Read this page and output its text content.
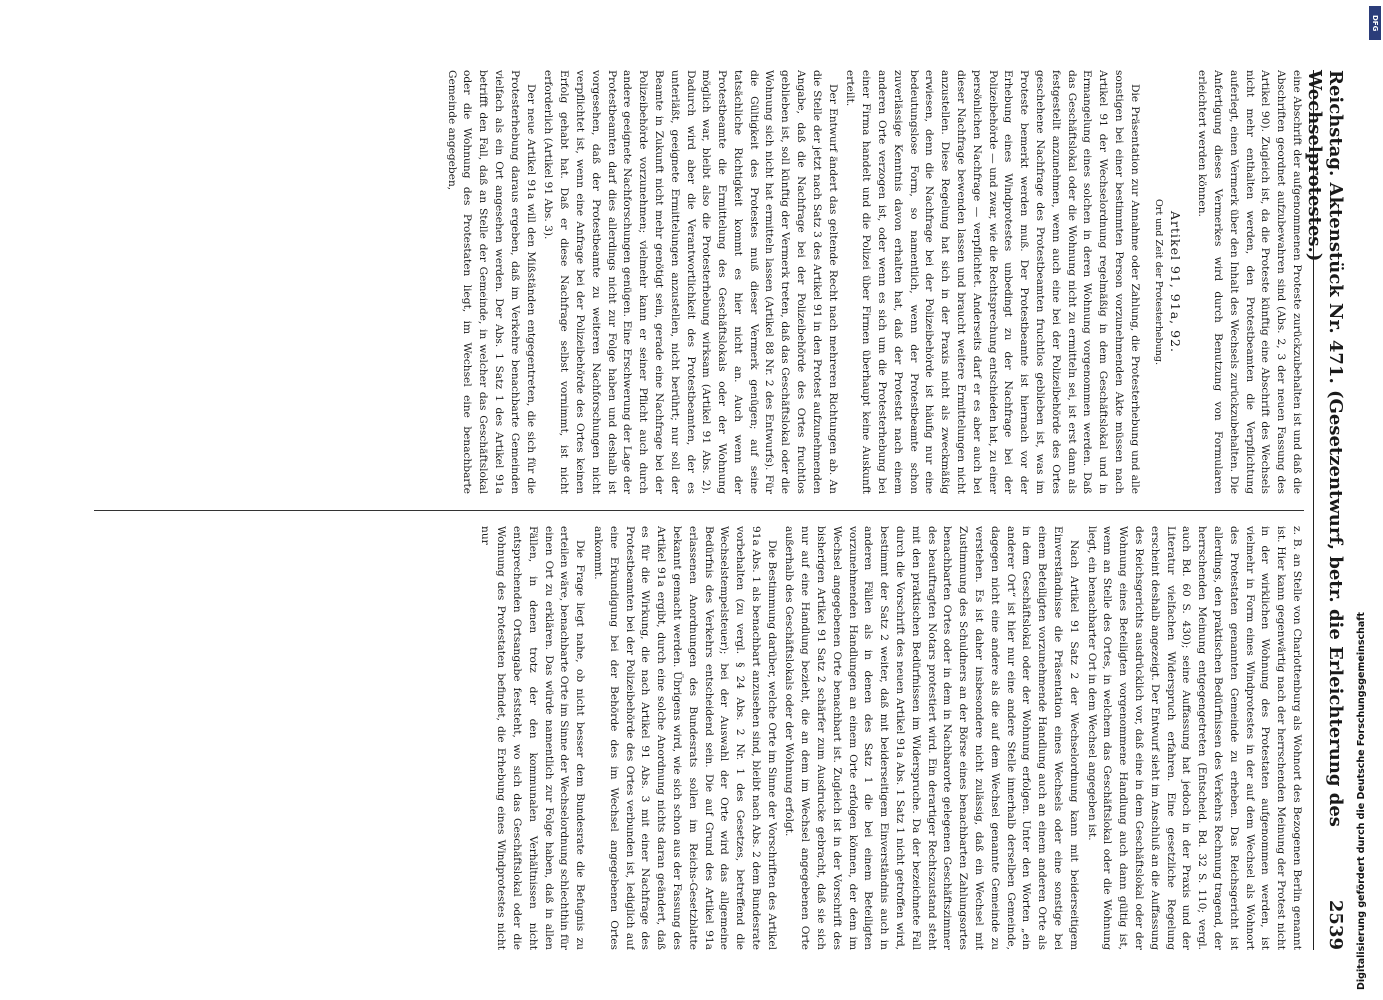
Reichstag. Aktenstück Nr. 471. (Gesetzentwurf, betr. die Erleichterung des Wechselprotestes.)
2539

eine Abschrift der aufgenommenen Proteste zurückzubehalten ist und daß die Abschriften geordnet aufzubewahren sind (Abs. 2, 3 der neuen Fassung des Artikel 90). Zugleich ist, da die Proteste künftig eine Abschrift des Wechsels nicht mehr enthalten werden, den Protestbeamten die Verpflichtung auferlegt, einen Vermerk über den Inhalt des Wechsels zurückzubehalten. Die Anfertigung dieses Vermerkes wird durch Benutzung von Formularen erleichtert werden können.

Artikel 91, 91a, 92.

Ort und Zeit der Protesterhebung.

Die Präsentation zur Annahme oder Zahlung, die Protesterhebung und alle sonstigen bei einer bestimmten Person vorzunehmenden Akte müssen nach Artikel 91 der Wechselordnung regelmäßig in dem Geschäftslokal und in Ermangelung eines solchen in deren Wohnung vorgenommen werden. Daß das Geschäftslokal oder die Wohnung nicht zu ermitteln sei, ist erst dann als festgestellt anzunehmen, wenn auch eine bei der Polizeibehörde des Ortes geschehene Nachfrage des Protestbeamten fruchtlos geblieben ist, was im Proteste bemerkt werden muß. Der Protestbeamte ist hiernach vor der Erhebung eines Windprotestes unbedingt zu der Nachfrage bei der Polizeibehörde — und zwar, wie die Rechtsprechung entschieden hat, zu einer persönlichen Nachfrage — verpflichtet. Anderseits darf er es aber auch bei dieser Nachfrage bewenden lassen und braucht weitere Ermittelungen nicht anzustellen. Diese Regelung hat sich in der Praxis nicht als zweckmäßig erwiesen, denn die Nachfrage bei der Polizeibehörde ist häufig nur eine bedeutungslose Form, so namentlich, wenn der Protestbeamte schon zuverlässige Kenntnis davon erhalten hat, daß der Protestat nach einem anderen Orte verzogen ist, oder wenn es sich um die Protesterhebung bei einer Firma handelt und die Polizei über Firmen überhaupt keine Auskunft erteilt.

Der Entwurf ändert das geltende Recht nach mehreren Richtungen ab. An die Stelle der jetzt nach Satz 3 des Artikel 91 in den Protest aufzunehmenden Angabe, daß die Nachfrage bei der Polizeibehörde des Ortes fruchtlos geblieben ist, soll künftig der Vermerk treten, daß das Geschäftslokal oder die Wohnung sich nicht hat ermitteln lassen (Artikel 88 Nr. 2 des Entwurfs). Für die Gültigkeit des Protestes muß dieser Vermerk genügen; auf seine tatsächliche Richtigkeit kommt es hier nicht an. Auch wenn der Protestbeamte die Ermittelung des Geschäftslokals oder der Wohnung möglich war, bleibt also die Protesterhebung wirksam (Artikel 91 Abs. 2). Dadurch wird aber die Verantwortlichkeit des Protestbeamten, der es unterläßt, geeignete Ermittelungen anzustellen, nicht berührt; nur soll der Beamte in Zukunft nicht mehr genötigt sein, gerade eine Nachfrage bei der Polizeibehörde vorzunehmen; vielmehr kann er seiner Pflicht auch durch andere geeignete Nachforschungen genügen. Eine Erschwerung der Lage der Protestbeamten darf dies allerdings nicht zur Folge haben und deshalb ist vorgesehen, daß der Protestbeamte zu weiteren Nachforschungen nicht verpflichtet ist, wenn eine Anfrage bei der Polizeibehörde des Ortes keinen Erfolg gehabt hat. Daß er diese Nachfrage selbst vornimmt, ist nicht erforderlich (Artikel 91 Abs. 3).

Der neue Artikel 91a will den Mißständen entgegentreten, die sich für die Protesterhebung daraus ergeben, daß im Verkehre benachbarte Gemeinden vielfach als ein Ort angesehen werden. Der Abs. 1 Satz 1 des Artikel 91a betrifft den Fall, daß an Stelle der Gemeinde, in welcher das Geschäftslokal oder die Wohnung des Protestaten liegt, im Wechsel eine benachbarte Gemeinde angegeben,

z. B. an Stelle von Charlottenburg als Wohnort des Bezogenen Berlin genannt ist. Hier kann gegenwärtig nach der herrschenden Meinung der Protest nicht in der wirklichen Wohnung des Protestaten aufgenommen werden, ist vielmehr in Form eines Windprotestes in der auf dem Wechsel als Wohnort des Protestaten genannten Gemeinde zu erheben. Das Reichsgericht ist allerdings, den praktischen Bedürfnissen des Verkehrs Rechnung tragend, der herrschenden Meinung entgegengetreten (Entscheid. Bd. 32 S. 110; vergl. auch Bd. 60 S. 430); seine Auffassung hat jedoch in der Praxis und der Literatur vielfachen Widerspruch erfahren. Eine gesetzliche Regelung erscheint deshalb angezeigt. Der Entwurf sieht im Anschluß an die Auffassung des Reichsgerichts ausdrücklich vor, daß eine in dem Geschäftslokal oder der Wohnung eines Beteiligten vorgenommene Handlung auch dann gültig ist, wenn an Stelle des Ortes, in welchem das Geschäftslokal oder die Wohnung liegt, ein benachbarter Ort in dem Wechsel angegeben ist.

Nach Artikel 91 Satz 2 der Wechselordnung kann mit beiderseitigem Einverständnisse die Präsentation eines Wechsels oder eine sonstige bei einem Beteiligten vorzunehmende Handlung auch an einem anderen Orte als in dem Geschäftslokal oder der Wohnung erfolgen. Unter den Worten „ein anderer Ort“ ist hier nur eine andere Stelle innerhalb derselben Gemeinde, dagegen nicht eine andere als die auf dem Wechsel genannte Gemeinde zu verstehen. Es ist daher insbesondere nicht zulässig, daß ein Wechsel mit Zustimmung des Schuldners an der Börse eines benachbarten Zahlungsortes benachbarten Ortes oder in dem in Nachbarorte gelegenen Geschäftszimmer des beauftragten Notars protestiert wird. Ein derartiger Rechtszustand steht mit den praktischen Bedürfnissen im Widerspruche. Da der bezeichnete Fall durch die Vorschrift des neuen Artikel 91a Abs. 1 Satz 1 nicht getroffen wird, bestimmt der Satz 2 weiter, daß mit beiderseitigem Einverständnis auch in anderen Fällen als in denen des Satz 1 die bei einem Beteiligten vorzunehmenden Handlungen an einem Orte erfolgen können, der dem im Wechsel angegebenen Orte benachbart ist. Zugleich ist in der Vorschrift des bisherigen Artikel 91 Satz 2 schärfer zum Ausdrucke gebracht, daß sie sich nur auf eine Handlung bezieht, die an dem im Wechsel angegebenen Orte außerhalb des Geschäftslokals oder der Wohnung erfolgt.

Die Bestimmung darüber, welche Orte im Sinne der Vorschriften des Artikel 91a Abs. 1 als benachbart anzusehen sind, bleibt nach Abs. 2 dem Bundesrate vorbehalten (zu vergl. § 24 Abs. 2 Nr. 1 des Gesetzes, betreffend die Wechselstempelsteuer); bei der Auswahl der Orte wird das allgemeine Bedürfnis des Verkehrs entscheidend sein. Die auf Grund des Artikel 91a erlassenen Anordnungen des Bundesrats sollen im Reichs-Gesetzblatte bekannt gemacht werden. Übrigens wird, wie sich schon aus der Fassung des Artikel 91a ergibt, durch eine solche Anordnung nichts daran geändert, daß es für die Wirkung, die nach Artikel 91 Abs. 3 mit einer Nachfrage des Protestbeamten bei der Polizeibehörde des Ortes verbunden ist, lediglich auf eine Erkundigung bei der Behörde des im Wechsel angegebenen Ortes ankommt.

Die Frage liegt nahe, ob nicht besser dem Bundesrate die Befugnis zu erteilen wäre, benachbarte Orte im Sinne der Wechselordnung schlechthin für einen Ort zu erklären. Das würde namentlich zur Folge haben, daß in allen Fällen, in denen trotz der den kommunalen Verhältnissen nicht entsprechenden Ortsangabe feststeht, wo sich das Geschäftslokal oder die Wohnung des Protestaten befindet, die Erhebung eines Windprotestes nicht nur

DFG
Digitalisierung gefördert durch die Deutsche Forschungsgemeinschaft
